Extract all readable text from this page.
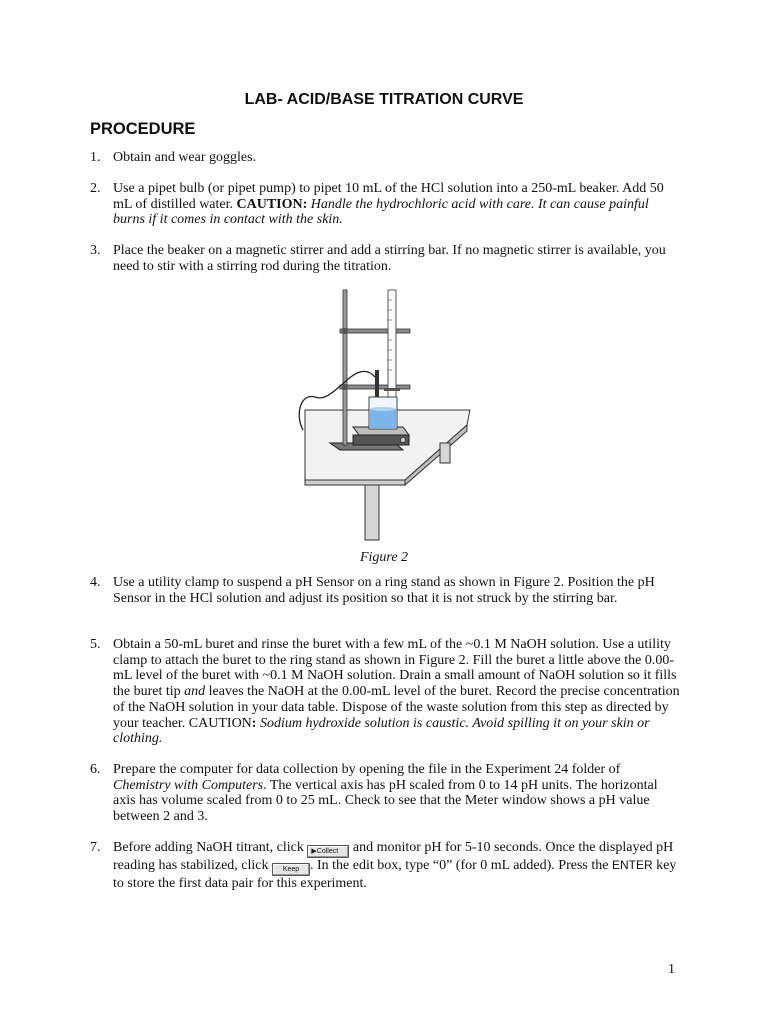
LAB- ACID/BASE TITRATION CURVE
PROCEDURE
1. Obtain and wear goggles.
2. Use a pipet bulb (or pipet pump) to pipet 10 mL of the HCl solution into a 250-mL beaker. Add 50 mL of distilled water. CAUTION: Handle the hydrochloric acid with care. It can cause painful burns if it comes in contact with the skin.
3. Place the beaker on a magnetic stirrer and add a stirring bar. If no magnetic stirrer is available, you need to stir with a stirring rod during the titration.
Figure 2
4. Use a utility clamp to suspend a pH Sensor on a ring stand as shown in Figure 2. Position the pH Sensor in the HCl solution and adjust its position so that it is not struck by the stirring bar.
5. Obtain a 50-mL buret and rinse the buret with a few mL of the ~0.1 M NaOH solution. Use a utility clamp to attach the buret to the ring stand as shown in Figure 2. Fill the buret a little above the 0.00-mL level of the buret with ~0.1 M NaOH solution. Drain a small amount of NaOH solution so it fills the buret tip and leaves the NaOH at the 0.00-mL level of the buret. Record the precise concentration of the NaOH solution in your data table. Dispose of the waste solution from this step as directed by your teacher. CAUTION: Sodium hydroxide solution is caustic. Avoid spilling it on your skin or clothing.
6. Prepare the computer for data collection by opening the file in the Experiment 24 folder of Chemistry with Computers. The vertical axis has pH scaled from 0 to 14 pH units. The horizontal axis has volume scaled from 0 to 25 mL. Check to see that the Meter window shows a pH value between 2 and 3.
7. Before adding NaOH titrant, click ▶Collect and monitor pH for 5-10 seconds. Once the displayed pH reading has stabilized, click Keep . In the edit box, type “0” (for 0 mL added). Press the ENTER key to store the first data pair for this experiment.
1
